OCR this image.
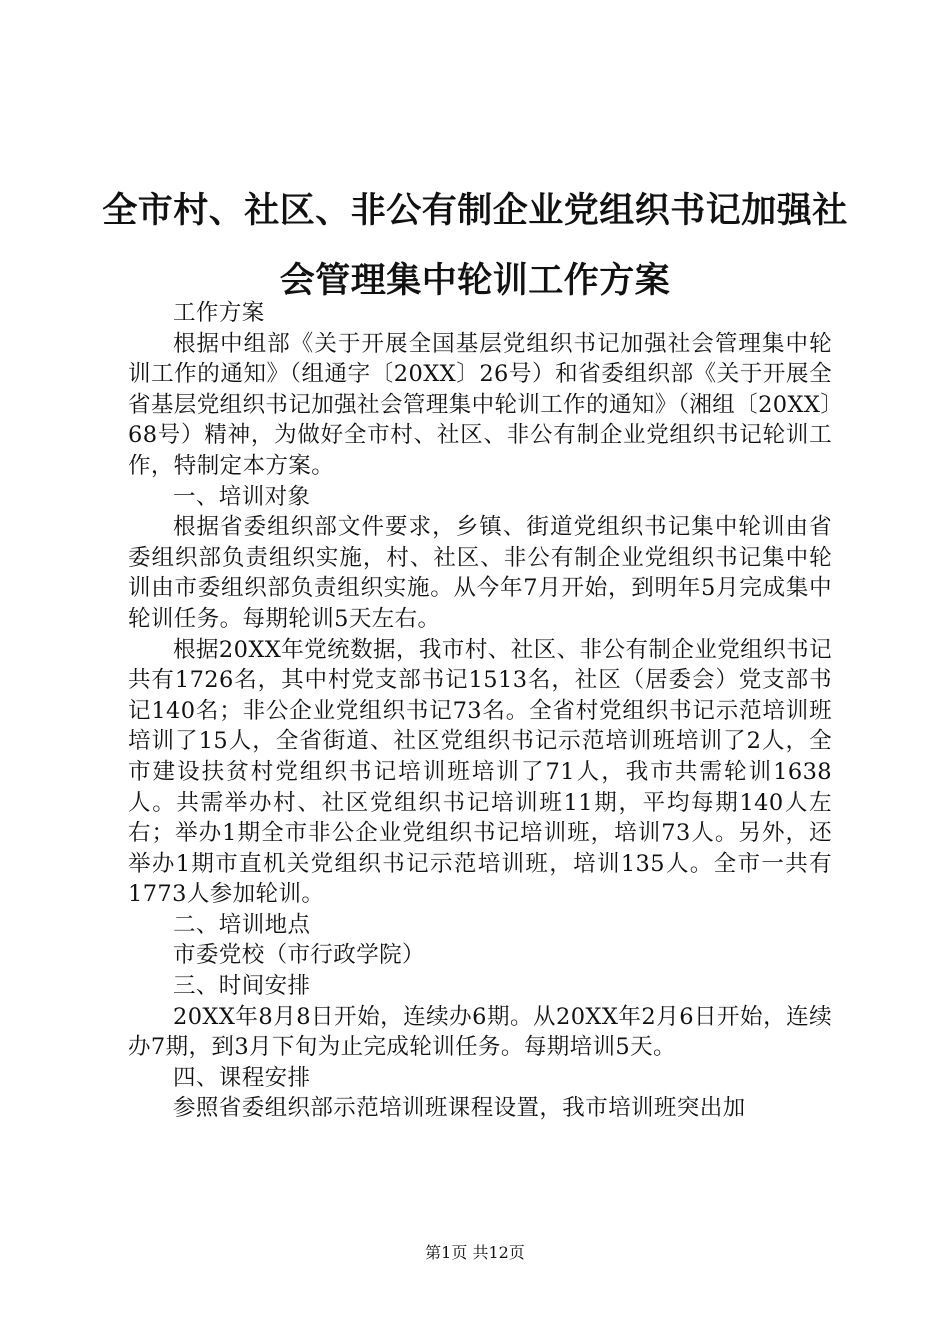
全市村、社区、非公有制企业党组织书记加强社会管理集中轮训工作方案

工作方案

根据中组部《关于开展全国基层党组织书记加强社会管理集中轮训工作的通知》（组通字〔20XX〕26号）和省委组织部《关于开展全省基层党组织书记加强社会管理集中轮训工作的通知》（湘组〔20XX〕68号）精神，为做好全市村、社区、非公有制企业党组织书记轮训工作，特制定本方案。

一、培训对象

根据省委组织部文件要求，乡镇、街道党组织书记集中轮训由省委组织部负责组织实施，村、社区、非公有制企业党组织书记集中轮训由市委组织部负责组织实施。从今年7月开始，到明年5月完成集中轮训任务。每期轮训5天左右。

根据20XX年党统数据，我市村、社区、非公有制企业党组织书记共有1726名，其中村党支部书记1513名，社区（居委会）党支部书记140名；非公企业党组织书记73名。全省村党组织书记示范培训班培训了15人，全省街道、社区党组织书记示范培训班培训了2人，全市建设扶贫村党组织书记培训班培训了71人，我市共需轮训1638人。共需举办村、社区党组织书记培训班11期，平均每期140人左右；举办1期全市非公企业党组织书记培训班，培训73人。另外，还举办1期市直机关党组织书记示范培训班，培训135人。全市一共有1773人参加轮训。

二、培训地点

市委党校（市行政学院）

三、时间安排

20XX年8月8日开始，连续办6期。从20XX年2月6日开始，连续办7期，到3月下旬为止完成轮训任务。每期培训5天。

四、课程安排

参照省委组织部示范培训班课程设置，我市培训班突出加

第1页 共12页
